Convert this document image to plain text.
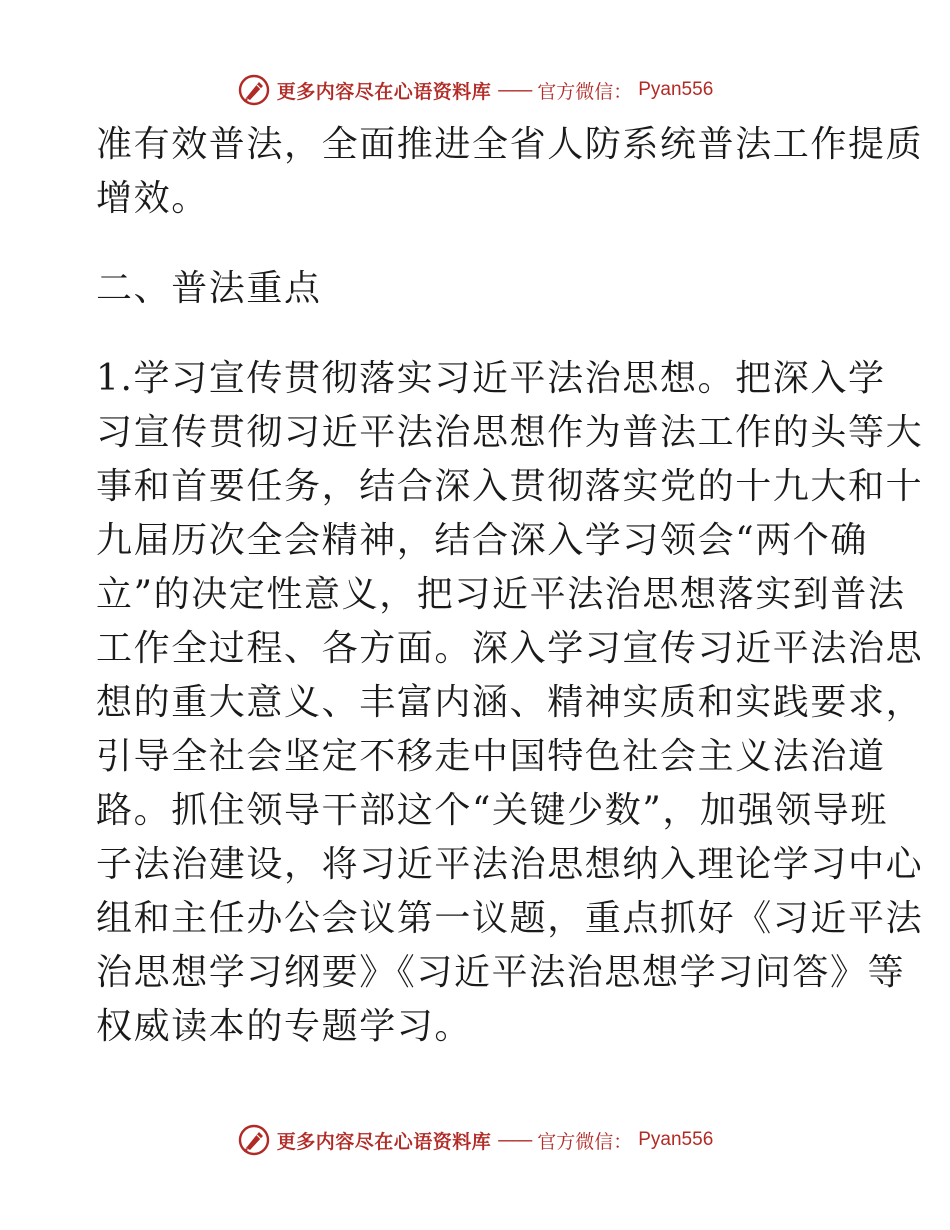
更多内容尽在心语资料库 —— 官方微信： Pyan556
准有效普法，全面推进全省人防系统普法工作提质
增效。
二、普法重点
1.学习宣传贯彻落实习近平法治思想。把深入学
习宣传贯彻习近平法治思想作为普法工作的头等大
事和首要任务，结合深入贯彻落实党的十九大和十
九届历次全会精神，结合深入学习领会“两个确
立”的决定性意义，把习近平法治思想落实到普法
工作全过程、各方面。深入学习宣传习近平法治思
想的重大意义、丰富内涵、精神实质和实践要求，
引导全社会坚定不移走中国特色社会主义法治道
路。抓住领导干部这个“关键少数”，加强领导班
子法治建设，将习近平法治思想纳入理论学习中心
组和主任办公会议第一议题，重点抓好《习近平法
治思想学习纲要》《习近平法治思想学习问答》等
权威读本的专题学习。
更多内容尽在心语资料库 —— 官方微信： Pyan556
